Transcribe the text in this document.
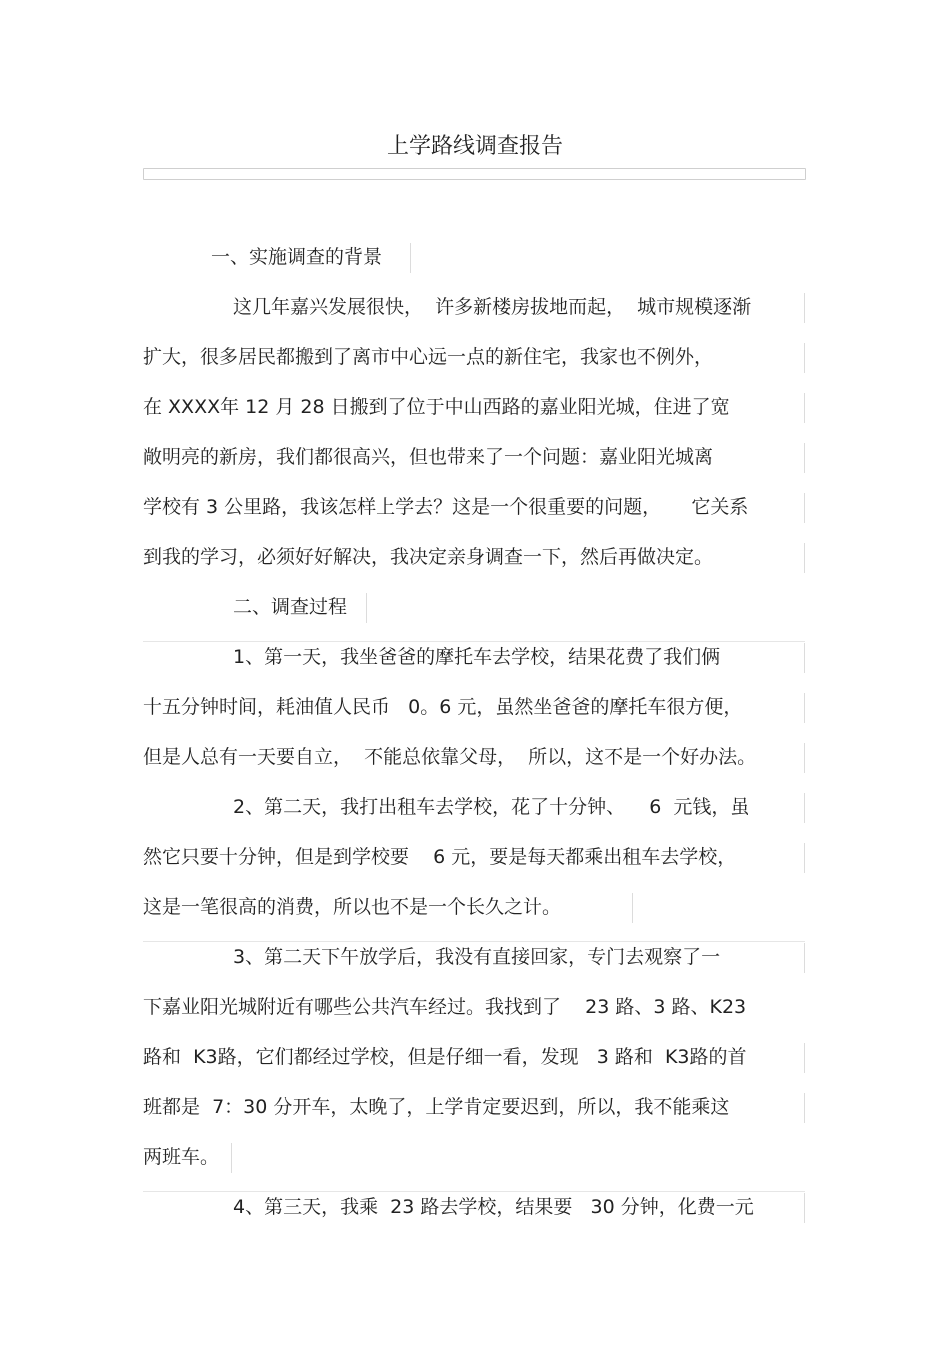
上学路线调查报告
一、实施调查的背景
这几年嘉兴发展很快，  许多新楼房拔地而起，  城市规模逐渐
扩大，很多居民都搬到了离市中心远一点的新住宅，我家也不例外，
在 XXXX年 12 月 28 日搬到了位于中山西路的嘉业阳光城，住进了宽
敞明亮的新房，我们都很高兴，但也带来了一个问题：嘉业阳光城离
学校有 3 公里路，我该怎样上学去？这是一个很重要的问题，     它关系
到我的学习，必须好好解决，我决定亲身调查一下，然后再做决定。
二、调查过程
1、第一天，我坐爸爸的摩托车去学校，结果花费了我们俩
十五分钟时间，耗油值人民币   0。6 元，虽然坐爸爸的摩托车很方便，
但是人总有一天要自立，  不能总依靠父母，  所以，这不是一个好办法。
2、第二天，我打出租车去学校，花了十分钟、    6  元钱，虽
然它只要十分钟，但是到学校要    6 元，要是每天都乘出租车去学校，
这是一笔很高的消费，所以也不是一个长久之计。
3、第二天下午放学后，我没有直接回家，专门去观察了一
下嘉业阳光城附近有哪些公共汽车经过。我找到了    23 路、3 路、K23
路和  K3路，它们都经过学校，但是仔细一看，发现   3 路和  K3路的首
班都是  7：30 分开车，太晚了，上学肯定要迟到，所以，我不能乘这
两班车。
4、第三天，我乘  23 路去学校，结果要   30 分钟，化费一元
